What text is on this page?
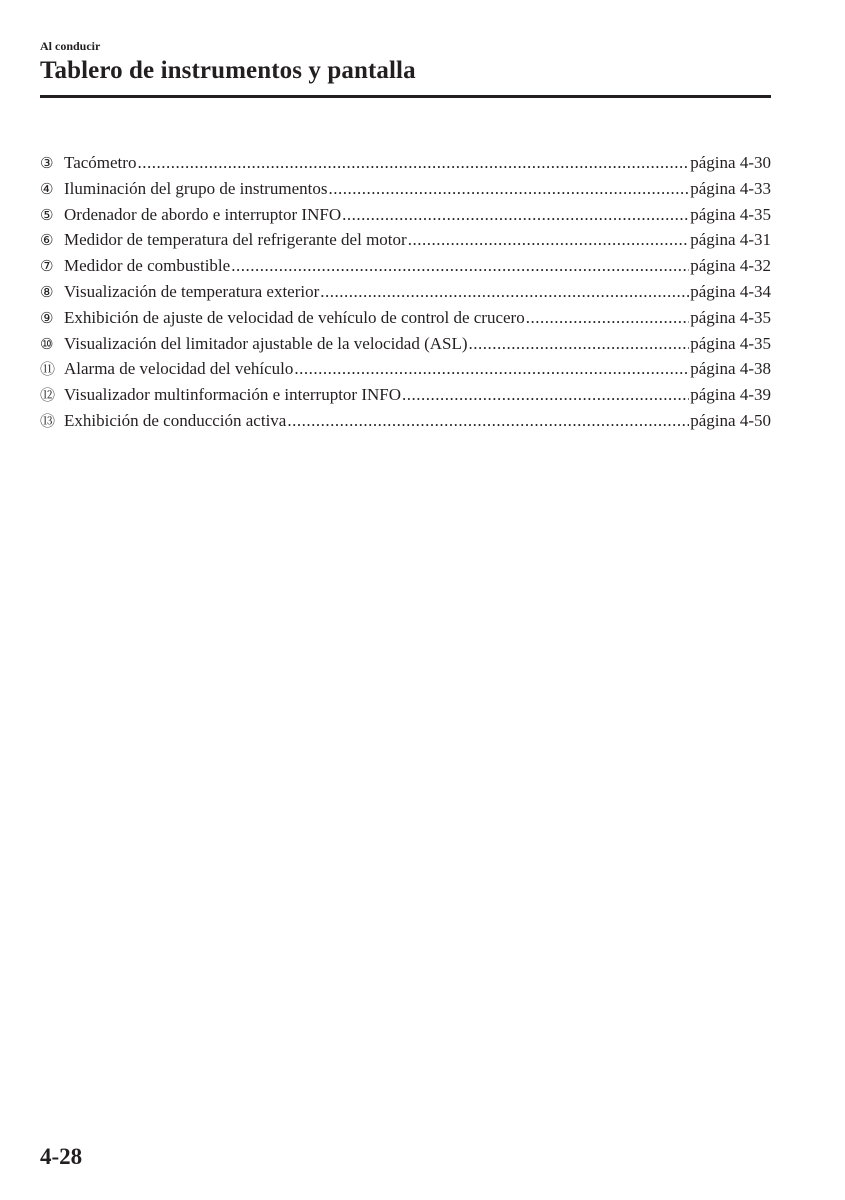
Al conducir
Tablero de instrumentos y pantalla
③ Tacómetro .....	página 4-30
④ Iluminación del grupo de instrumentos .....	página 4-33
⑤ Ordenador de abordo e interruptor INFO .....	página 4-35
⑥ Medidor de temperatura del refrigerante del motor .....	página 4-31
⑦ Medidor de combustible .....	página 4-32
⑧ Visualización de temperatura exterior .....	página 4-34
⑨ Exhibición de ajuste de velocidad de vehículo de control de crucero .....	página 4-35
⑩ Visualización del limitador ajustable de la velocidad (ASL) .....	página 4-35
⑪ Alarma de velocidad del vehículo .....	página 4-38
⑫ Visualizador multinformación e interruptor INFO .....	página 4-39
⑬ Exhibición de conducción activa .....	página 4-50
4-28
